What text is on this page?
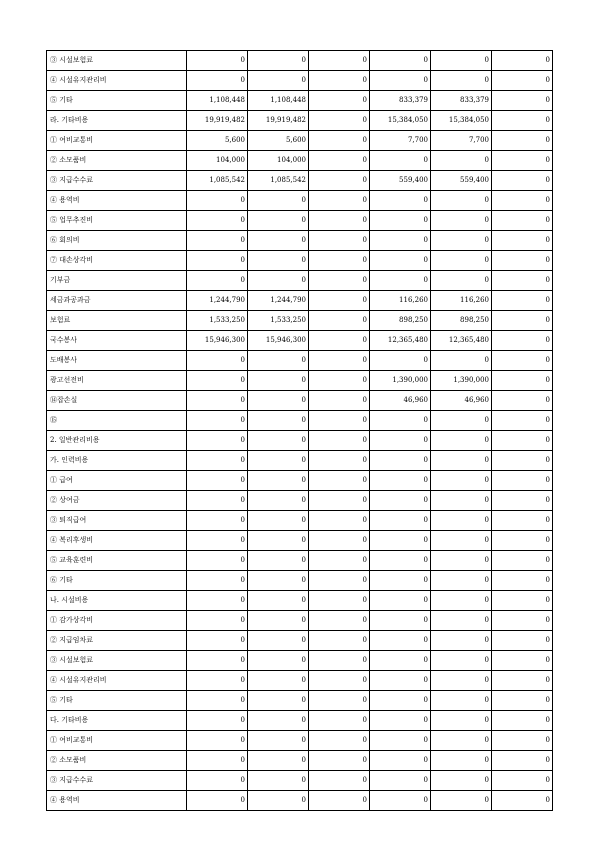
③ 시설보험료	0	0	0	0	0	0
④ 시설유지관리비	0	0	0	0	0	0
⑤ 기타	1,108,448	1,108,448	0	833,379	833,379	0
라. 기타비용	19,919,482	19,919,482	0	15,384,050	15,384,050	0
① 여비교통비	5,600	5,600	0	7,700	7,700	0
② 소모품비	104,000	104,000	0	0	0	0
③ 지급수수료	1,085,542	1,085,542	0	559,400	559,400	0
④ 용역비	0	0	0	0	0	0
⑤ 업무추진비	0	0	0	0	0	0
⑥ 회의비	0	0	0	0	0	0
⑦ 대손상각비	0	0	0	0	0	0
기부금	0	0	0	0	0	0
세금과공과금	1,244,790	1,244,790	0	116,260	116,260	0
보험료	1,533,250	1,533,250	0	898,250	898,250	0
국수봉사	15,946,300	15,946,300	0	12,365,480	12,365,480	0
도배봉사	0	0	0	0	0	0
광고선전비	0	0	0	1,390,000	1,390,000	0
⑭잡손실	0	0	0	46,960	46,960	0
⑮	0	0	0	0	0	0
2. 일반관리비용	0	0	0	0	0	0
가. 인력비용	0	0	0	0	0	0
① 급여	0	0	0	0	0	0
② 상여금	0	0	0	0	0	0
③ 퇴직급여	0	0	0	0	0	0
④ 복리후생비	0	0	0	0	0	0
⑤ 교육훈련비	0	0	0	0	0	0
⑥ 기타	0	0	0	0	0	0
나. 시설비용	0	0	0	0	0	0
① 감가상각비	0	0	0	0	0	0
② 지급임차료	0	0	0	0	0	0
③ 시설보험료	0	0	0	0	0	0
④ 시설유지관리비	0	0	0	0	0	0
⑤ 기타	0	0	0	0	0	0
다. 기타비용	0	0	0	0	0	0
① 여비교통비	0	0	0	0	0	0
② 소모품비	0	0	0	0	0	0
③ 지급수수료	0	0	0	0	0	0
④ 용역비	0	0	0	0	0	0
